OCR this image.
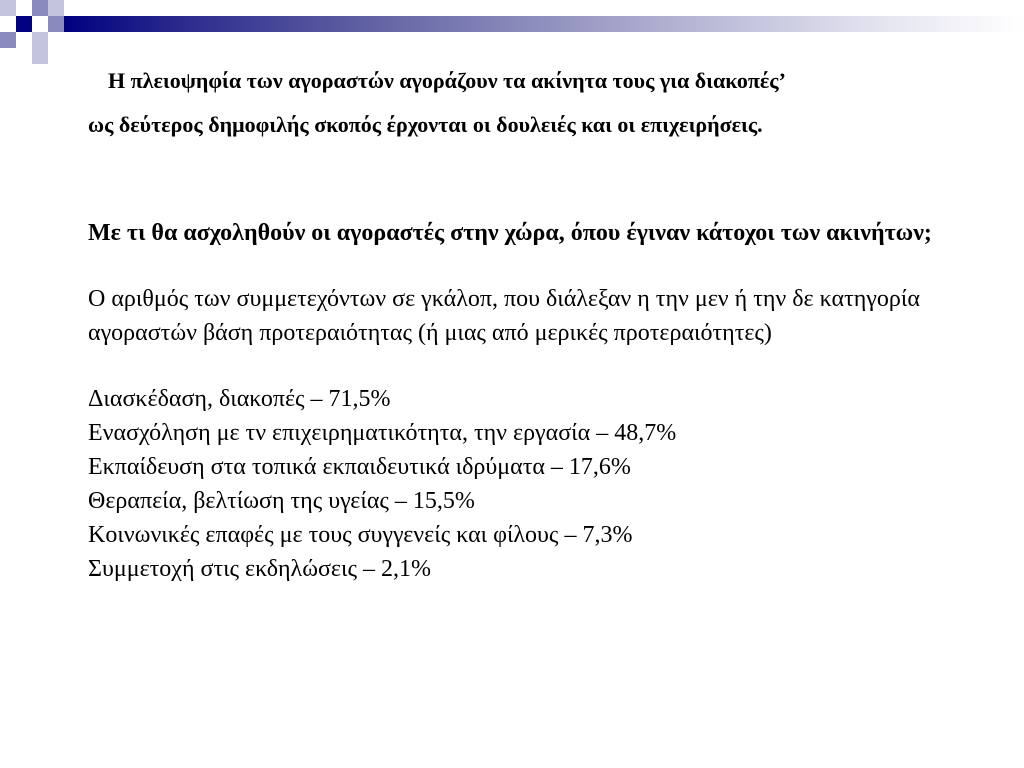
Η πλειοψηφία των αγοραστών αγοράζουν τα ακίνητα τους για διακοπές’

ως δεύτερος δημοφιλής σκοπός έρχονται οι δουλειές και οι επιχειρήσεις.

Με τι θα ασχοληθούν οι αγοραστές στην χώρα, όπου έγιναν κάτοχοι των ακινήτων;

Ο αριθμός των συμμετεχόντων σε γκάλοπ, που διάλεξαν η την μεν ή την δε κατηγορία αγοραστών βάση προτεραιότητας (ή μιας από μερικές προτεραιότητες)

Διασκέδαση, διακοπές – 71,5%
Ενασχόληση με τν επιχειρηματικότητα, την εργασία – 48,7%
Εκπαίδευση στα τοπικά εκπαιδευτικά ιδρύματα – 17,6%
Θεραπεία, βελτίωση της υγείας – 15,5%
Κοινωνικές επαφές με τους συγγενείς και φίλους – 7,3%
Συμμετοχή στις εκδηλώσεις – 2,1%
